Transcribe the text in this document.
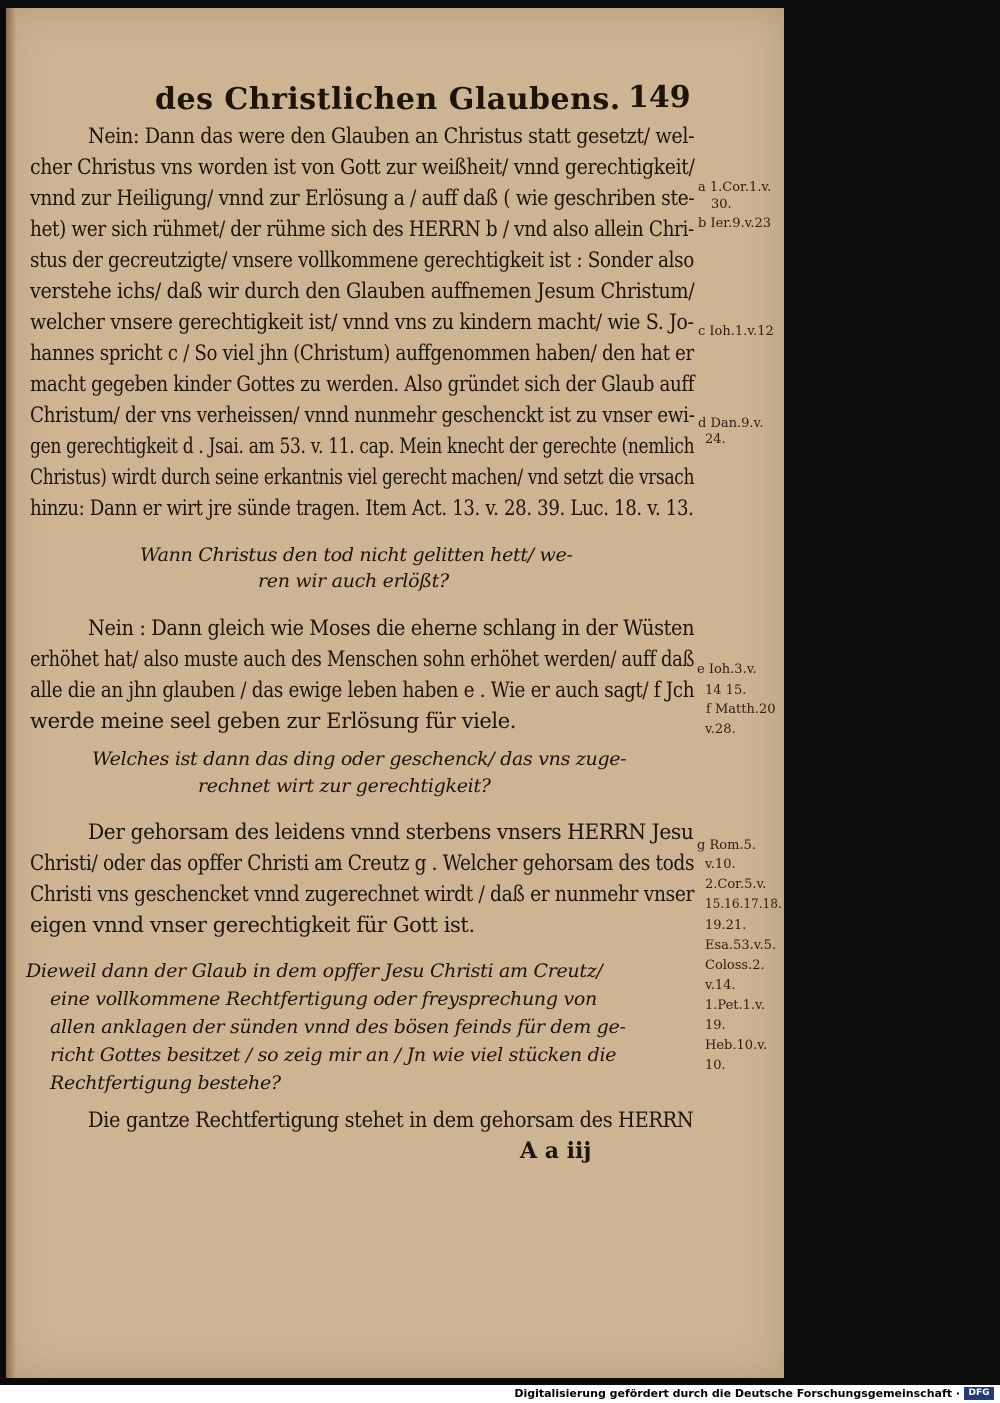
des Christlichen Glaubens. 149
Nein: Dann das were den Glauben an Christus statt gesetzt/ wel-
cher Christus vns worden ist von Gott zur weißheit/ vnnd gerechtigkeit/
vnnd zur Heiligung/ vnnd zur Erlösung a / auff daß ( wie geschriben ste-
het) wer sich rühmet/ der rühme sich des HERRN b / vnd also allein Chri-
stus der gecreutzigte/ vnsere vollkommene gerechtigkeit ist : Sonder also
verstehe ichs/ daß wir durch den Glauben auffnemen Jesum Christum/
welcher vnsere gerechtigkeit ist/ vnnd vns zu kindern macht/ wie S. Jo-
hannes spricht c / So viel jhn (Christum) auffgenommen haben/ den hat er
macht gegeben kinder Gottes zu werden. Also gründet sich der Glaub auff
Christum/ der vns verheissen/ vnnd nunmehr geschenckt ist zu vnser ewi-
gen gerechtigkeit d . Jsai. am 53. v. 11. cap. Mein knecht der gerechte (nemlich
Christus) wirdt durch seine erkantnis viel gerecht machen/ vnd setzt die vrsach
hinzu: Dann er wirt jre sünde tragen. Item Act. 13. v. 28. 39. Luc. 18. v. 13.
Wann Christus den tod nicht gelitten hett/ we-
ren wir auch erlößt?
Nein : Dann gleich wie Moses die eherne schlang in der Wüsten
erhöhet hat/ also muste auch des Menschen sohn erhöhet werden/ auff daß
alle die an jhn glauben / das ewige leben haben e . Wie er auch sagt/ f Jch
werde meine seel geben zur Erlösung für viele.
Welches ist dann das ding oder geschenck/ das vns zuge-
rechnet wirt zur gerechtigkeit?
Der gehorsam des leidens vnnd sterbens vnsers HERRN Jesu
Christi/ oder das opffer Christi am Creutz g . Welcher gehorsam des tods
Christi vns geschencket vnnd zugerechnet wirdt / daß er nunmehr vnser
eigen vnnd vnser gerechtigkeit für Gott ist.
Dieweil dann der Glaub in dem opffer Jesu Christi am Creutz/
eine vollkommene Rechtfertigung oder freysprechung von
allen anklagen der sünden vnnd des bösen feinds für dem ge-
richt Gottes besitzet / so zeig mir an / Jn wie viel stücken die
Rechtfertigung bestehe?
Die gantze Rechtfertigung stehet in dem gehorsam des HERRN
A a iij
a 1.Cor.1.v.
30.
b Ier.9.v.23
c Ioh.1.v.12
d Dan.9.v.
24.
e Ioh.3.v.
14 15.
f Matth.20
v.28.
g Rom.5.
v.10.
2.Cor.5.v.
15.16.17.18.
19.21.
Esa.53.v.5.
Coloss.2.
v.14.
1.Pet.1.v.
19.
Heb.10.v.
10.
Digitalisierung gefördert durch die Deutsche Forschungsgemeinschaft · DFG
